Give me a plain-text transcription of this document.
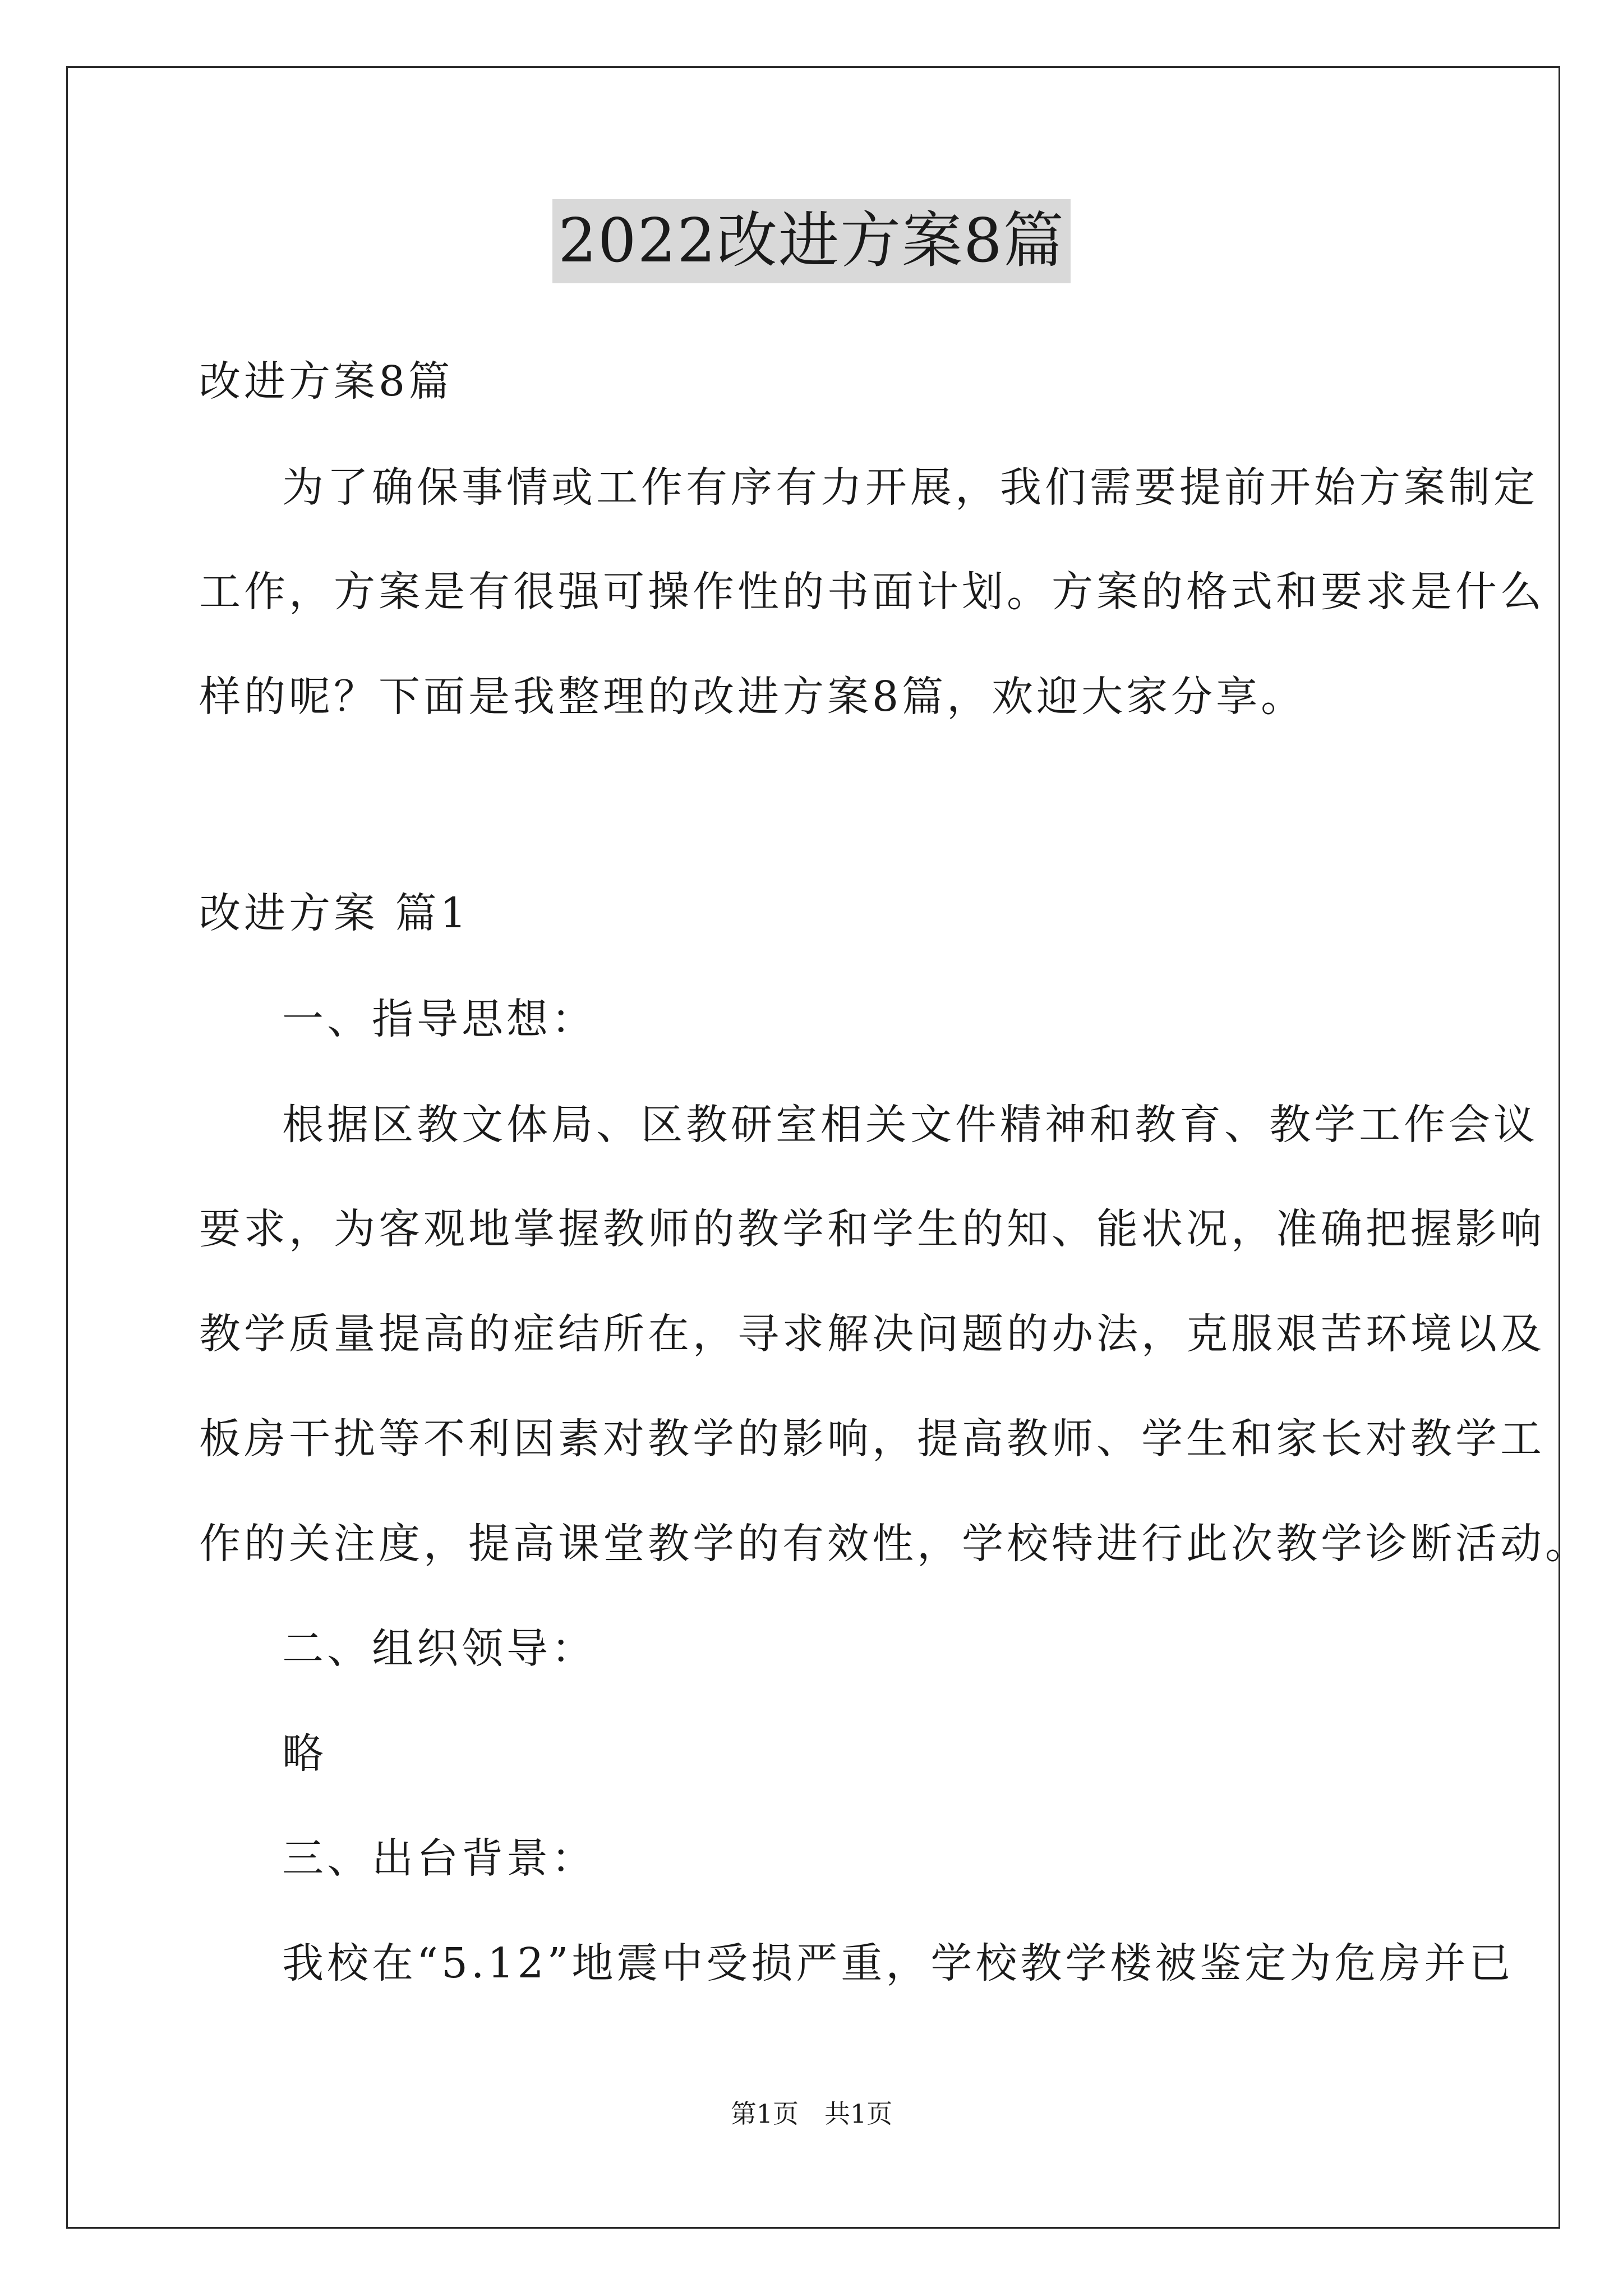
2022改进方案8篇
改进方案8篇
为了确保事情或工作有序有力开展，我们需要提前开始方案制定
工作，方案是有很强可操作性的书面计划。方案的格式和要求是什么
样的呢？下面是我整理的改进方案8篇，欢迎大家分享。
改进方案 篇1
一、指导思想：
根据区教文体局、区教研室相关文件精神和教育、教学工作会议
要求，为客观地掌握教师的教学和学生的知、能状况，准确把握影响
教学质量提高的症结所在，寻求解决问题的办法，克服艰苦环境以及
板房干扰等不利因素对教学的影响，提高教师、学生和家长对教学工
作的关注度，提高课堂教学的有效性，学校特进行此次教学诊断活动。
二、组织领导：
略
三、出台背景：
我校在“5.12”地震中受损严重，学校教学楼被鉴定为危房并已
第1页　共1页
